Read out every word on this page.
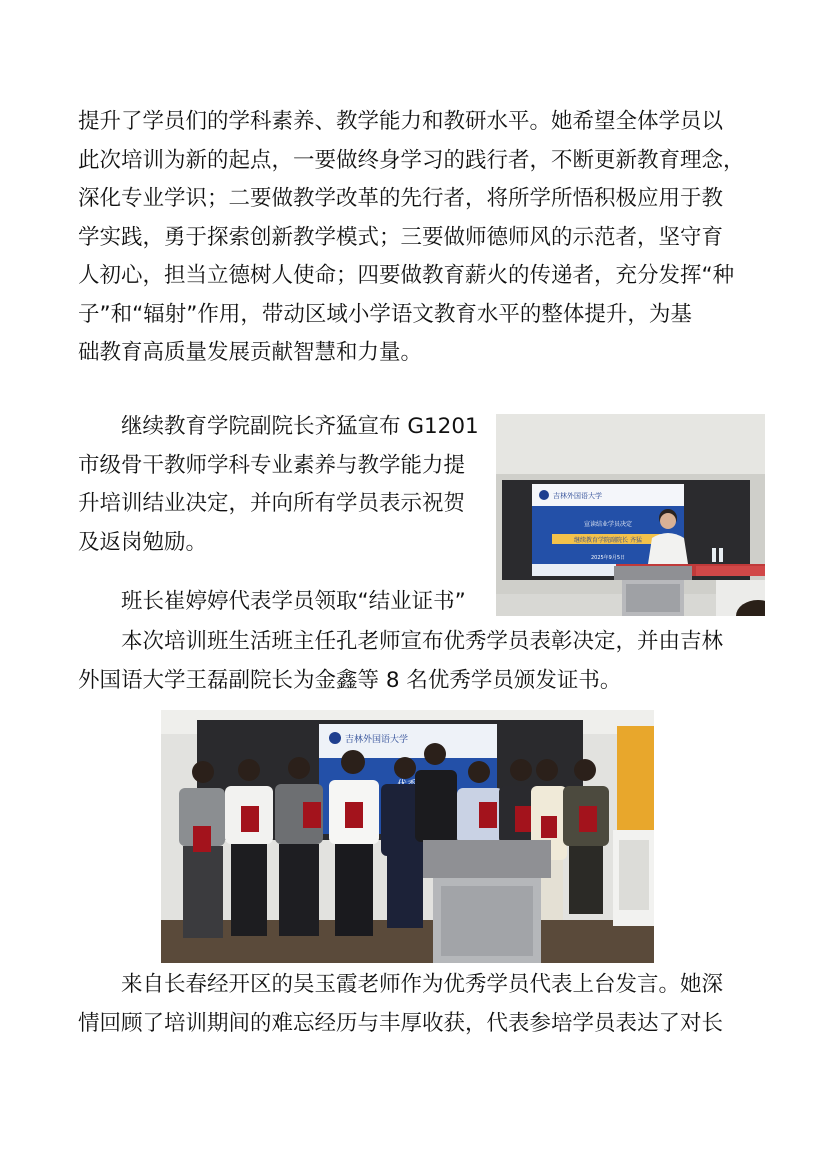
提升了学员们的学科素养、教学能力和教研水平。她希望全体学员以
此次培训为新的起点，一要做终身学习的践行者，不断更新教育理念，
深化专业学识；二要做教学改革的先行者，将所学所悟积极应用于教
学实践，勇于探索创新教学模式；三要做师德师风的示范者，坚守育
人初心，担当立德树人使命；四要做教育薪火的传递者，充分发挥“种
子”和“辐射”作用，带动区域小学语文教育水平的整体提升，为基
础教育高质量发展贡献智慧和力量。
继续教育学院副院长齐猛宣布 G1201
市级骨干教师学科专业素养与教学能力提
升培训结业决定，并向所有学员表示祝贺
及返岗勉励。
班长崔婷婷代表学员领取“结业证书”
本次培训班生活班主任孔老师宣布优秀学员表彰决定，并由吉林
外国语大学王磊副院长为金鑫等 8 名优秀学员颁发证书。
来自长春经开区的吴玉霞老师作为优秀学员代表上台发言。她深
情回顾了培训期间的难忘经历与丰厚收获，代表参培学员表达了对长
吉林外国语大学
宣读结业学员决定
继续教育学院副院长 齐猛
2025年9月5日
吉林外国语大学
